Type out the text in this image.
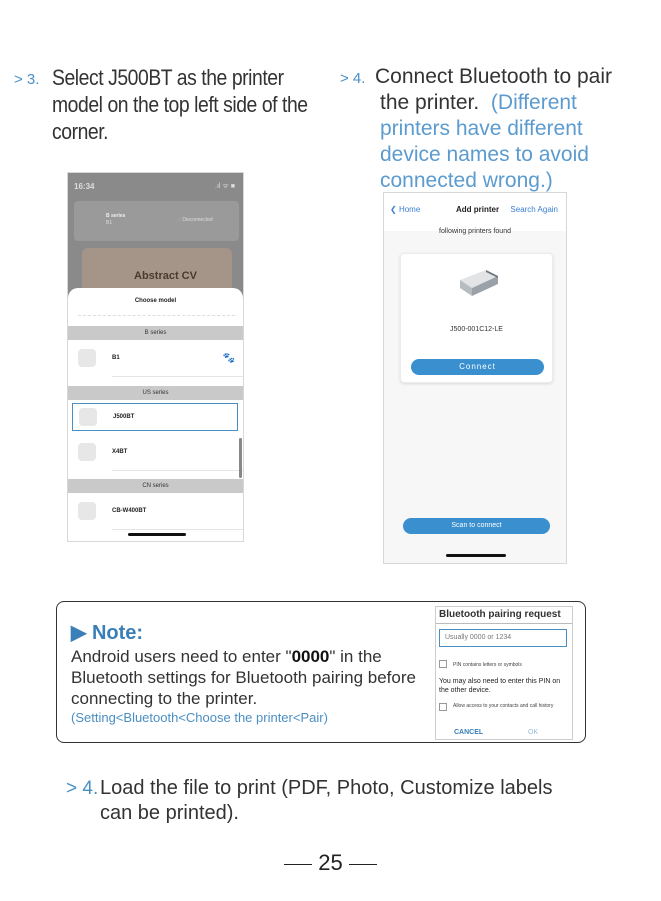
> 3. Select J500BT as the printer model on the top left side of the corner.
> 4. Connect Bluetooth to pair
the printer. (Different
printers have different
device names to avoid
connected wrong.)
16:34	.ıl ᯤ ■
B series
B1	◌ Disconnected
Abstract CV
Choose model
B series
B1	🐾
US series
J500BT
X4BT
CN series
CB-W400BT
❮ Home	Add printer Search Again
following printers found
J500-001C12-LE
Connect
Scan to connect
▶ Note:
Android users need to enter "0000" in the Bluetooth settings for Bluetooth pairing before connecting to the printer.
(Setting<Bluetooth<Choose the printer<Pair)
Bluetooth pairing request
Usually 0000 or 1234
PIN contains letters or symbols
You may also need to enter this PIN on the other device.
Allow access to your contacts and call history
CANCEL	OK
> 4. Load the file to print (PDF, Photo, Customize labels
can be printed).
25
